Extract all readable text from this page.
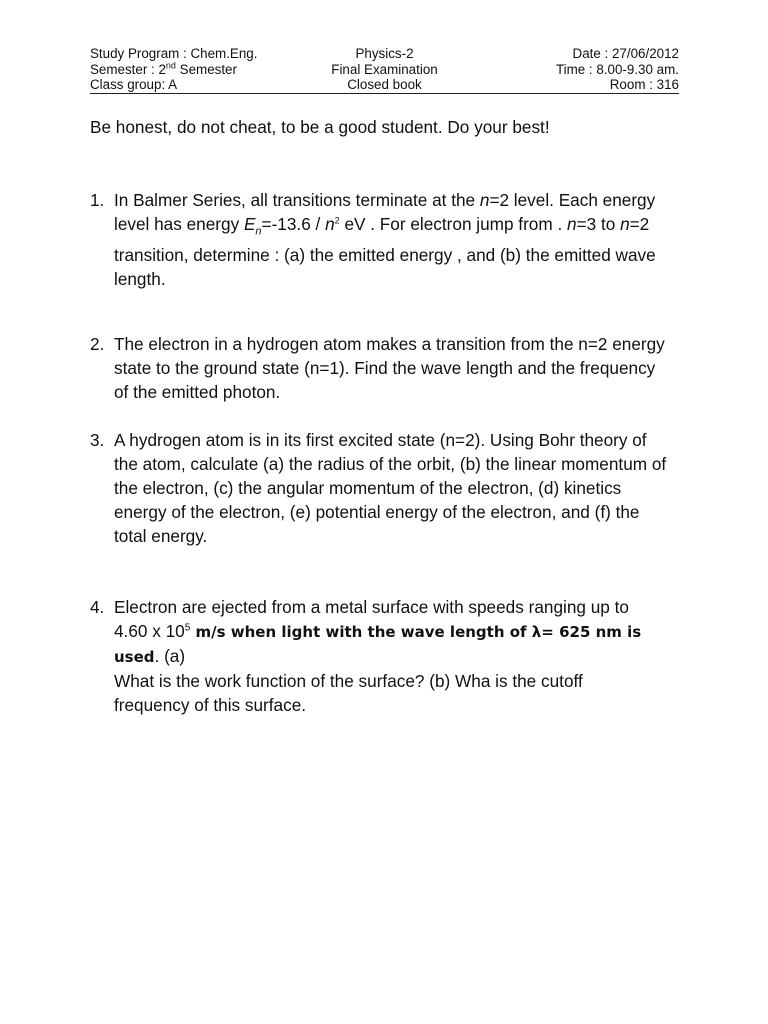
Study Program : Chem.Eng.	Physics-2	Date : 27/06/2012
Semester : 2nd Semester	Final Examination	Time : 8.00-9.30 am.
Class group: A	Closed book	Room : 316
Be honest, do not cheat, to be a good student. Do your best!
1. In Balmer Series, all transitions terminate at the n=2 level. Each energy
level has energy $E_n=-13.6 / n^2$ eV . For electron jump from . n=3 to n=2
transition, determine : (a) the emitted energy , and (b) the emitted wave
length.
2. The electron in a hydrogen atom makes a transition from the n=2 energy
state to the ground state (n=1). Find the wave length and the frequency
of the emitted photon.
3. A hydrogen atom is in its first excited state (n=2). Using Bohr theory of
the atom, calculate (a) the radius of the orbit, (b) the linear momentum of
the electron, (c) the angular momentum of the electron, (d) kinetics
energy of the electron, (e) potential energy of the electron, and (f) the
total energy.
4. Electron are ejected from a metal surface with speeds ranging up to
4.60 x $10^5$ m/s when light with the wave length of λ= 625 nm is used. (a)
What is the work function of the surface? (b) Wha is the cutoff
frequency of this surface.
